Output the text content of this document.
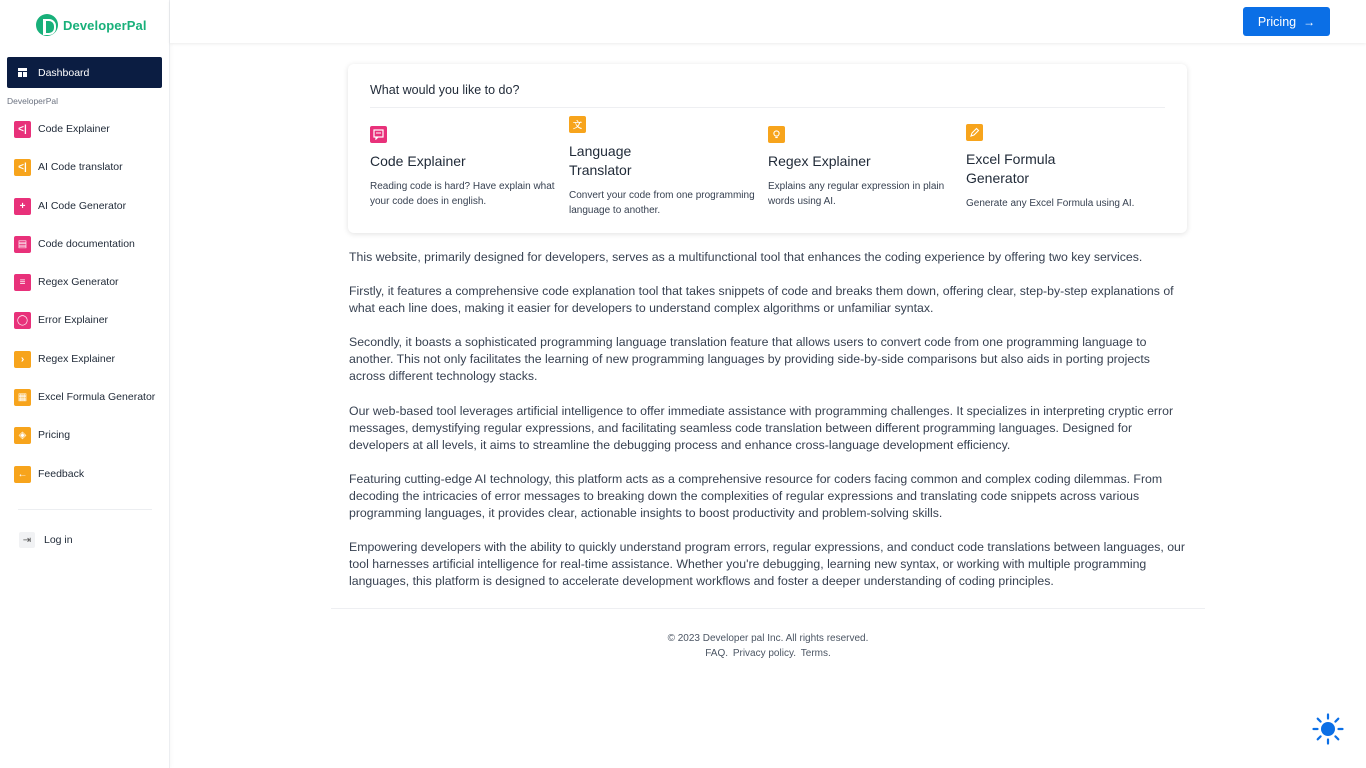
DeveloperPal
Dashboard
DeveloperPal
<|	Code Explainer
<|	AI Code translator
+	AI Code Generator
▤	Code documentation
≡	Regex Generator
◯ Error Explainer
›	Regex Explainer
▦	Excel Formula Generator
◈	Pricing
←	Feedback
⇥	Log in
Pricing →
What would you like to do?
Code Explainer
Reading code is hard? Have explain what your code does in english.
文
Language Translator
Convert your code from one programming language to another.
Regex Explainer
Explains any regular expression in plain words using AI.
Excel Formula Generator
Generate any Excel Formula using AI.

This website, primarily designed for developers, serves as a multifunctional tool that enhances the coding experience by offering two key services.

Firstly, it features a comprehensive code explanation tool that takes snippets of code and breaks them down, offering clear, step-by-step explanations of what each line does, making it easier for developers to understand complex algorithms or unfamiliar syntax.

Secondly, it boasts a sophisticated programming language translation feature that allows users to convert code from one programming language to another. This not only facilitates the learning of new programming languages by providing side-by-side comparisons but also aids in porting projects across different technology stacks.

Our web-based tool leverages artificial intelligence to offer immediate assistance with programming challenges. It specializes in interpreting cryptic error messages, demystifying regular expressions, and facilitating seamless code translation between different programming languages. Designed for developers at all levels, it aims to streamline the debugging process and enhance cross-language development efficiency.

Featuring cutting-edge AI technology, this platform acts as a comprehensive resource for coders facing common and complex coding dilemmas. From decoding the intricacies of error messages to breaking down the complexities of regular expressions and translating code snippets across various programming languages, it provides clear, actionable insights to boost productivity and problem-solving skills.

Empowering developers with the ability to quickly understand program errors, regular expressions, and conduct code translations between languages, our tool harnesses artificial intelligence for real-time assistance. Whether you're debugging, learning new syntax, or working with multiple programming languages, this platform is designed to accelerate development workflows and foster a deeper understanding of coding principles.

© 2023 Developer pal Inc. All rights reserved.
FAQ. Privacy policy. Terms.
